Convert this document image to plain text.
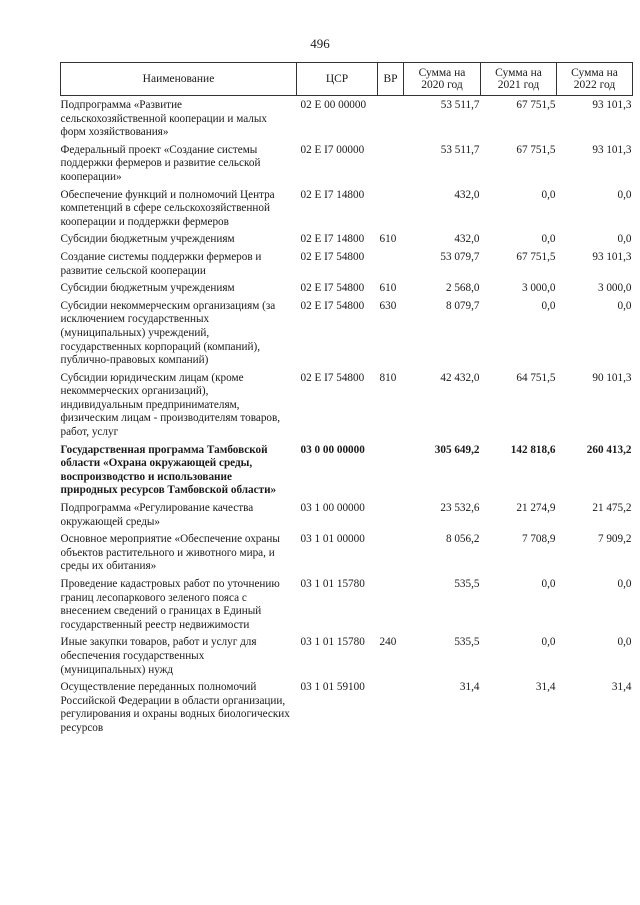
496
Наименование	ЦСР	ВР	Сумма на 2020 год	Сумма на 2021 год	Сумма на 2022 год
Подпрограмма «Развитие сельскохозяйственной кооперации и малых форм хозяйствования»	02 Е 00 00000		53 511,7	67 751,5	93 101,3
Федеральный проект «Создание системы поддержки фермеров и развитие сельской кооперации»	02 Е I7 00000		53 511,7	67 751,5	93 101,3
Обеспечение функций и полномочий Центра компетенций в сфере сельскохозяйственной кооперации и поддержки фермеров	02 Е I7 14800		432,0	0,0	0,0
Субсидии бюджетным учреждениям	02 Е I7 14800	610	432,0	0,0	0,0
Создание системы поддержки фермеров и развитие сельской кооперации	02 Е I7 54800		53 079,7	67 751,5	93 101,3
Субсидии бюджетным учреждениям	02 Е I7 54800	610	2 568,0	3 000,0	3 000,0
Субсидии некоммерческим организациям (за исключением государственных (муниципальных) учреждений, государственных корпораций (компаний), публично-правовых компаний)	02 Е I7 54800	630	8 079,7	0,0	0,0
Субсидии юридическим лицам (кроме некоммерческих организаций), индивидуальным предпринимателям, физическим лицам - производителям товаров, работ, услуг	02 Е I7 54800	810	42 432,0	64 751,5	90 101,3
Государственная программа Тамбовской области «Охрана окружающей среды, воспроизводство и использование природных ресурсов Тамбовской области»	03 0 00 00000		305 649,2	142 818,6	260 413,2
Подпрограмма «Регулирование качества окружающей среды»	03 1 00 00000		23 532,6	21 274,9	21 475,2
Основное мероприятие «Обеспечение охраны объектов растительного и животного мира, и среды их обитания»	03 1 01 00000		8 056,2	7 708,9	7 909,2
Проведение кадастровых работ по уточнению границ лесопаркового зеленого пояса с внесением сведений о границах в Единый государственный реестр недвижимости	03 1 01 15780		535,5	0,0	0,0
Иные закупки товаров, работ и услуг для обеспечения государственных (муниципальных) нужд	03 1 01 15780	240	535,5	0,0	0,0
Осуществление переданных полномочий Российской Федерации в области организации, регулирования и охраны водных биологических ресурсов	03 1 01 59100		31,4	31,4	31,4
